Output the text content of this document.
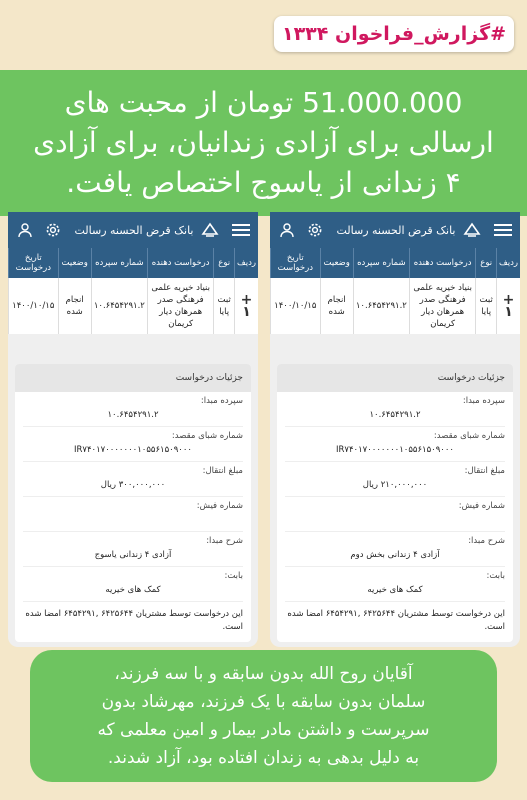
#گزارش_فراخوان ۱۳۳۴
51.000.000 تومان از محبت های
ارسالی برای آزادی زندانیان، برای آزادی
۴ زندانی از یاسوج اختصاص یافت.
بانک قرض الحسنه رسالت
ردیف	نوع	درخواست دهنده	شماره سپرده	وضعیت	تاریخ درخواست
+
۱	ثبت پایا	بنیاد خیریه علمی فرهنگی صدر همرهان دیار کریمان	۱۰.۶۴۵۴۲۹۱.۲	انجام شده	۱۴۰۰/۱۰/۱۵
جزئیات درخواست
سپرده مبدا:
۱۰.۶۴۵۴۲۹۱.۲
شماره شبای مقصد:
IR۷۴۰۱۷۰۰۰۰۰۰۰۱۰۵۵۶۱۵۰۹۰۰۰
مبلغ انتقال:
۲۱۰,۰۰۰,۰۰۰ ریال
شماره فیش:

شرح مبدا:
آزادی ۴ زندانی بخش دوم
بابت:
کمک های خیریه
این درخواست توسط مشتریان ۶۴۲۵۶۴۴ ,۶۴۵۴۲۹۱ امضا شده است.
بانک قرض الحسنه رسالت
ردیف	نوع	درخواست دهنده	شماره سپرده	وضعیت	تاریخ درخواست
+
۱	ثبت پایا	بنیاد خیریه علمی فرهنگی صدر همرهان دیار کریمان	۱۰.۶۴۵۴۲۹۱.۲	انجام شده	۱۴۰۰/۱۰/۱۵
جزئیات درخواست
سپرده مبدا:
۱۰.۶۴۵۴۲۹۱.۲
شماره شبای مقصد:
IR۷۴۰۱۷۰۰۰۰۰۰۰۱۰۵۵۶۱۵۰۹۰۰۰
مبلغ انتقال:
۳۰۰,۰۰۰,۰۰۰ ریال
شماره فیش:

شرح مبدا:
آزادی ۴ زندانی یاسوج
بابت:
کمک های خیریه
این درخواست توسط مشتریان ۶۴۲۵۶۴۴ ,۶۴۵۴۲۹۱ امضا شده است.
آقایان روح الله بدون سابقه و با سه فرزند،
سلمان بدون سابقه با یک فرزند، مهرشاد بدون
سرپرست و داشتن مادر بیمار و امین معلمی که
به دلیل بدهی به زندان افتاده بود، آزاد شدند.
